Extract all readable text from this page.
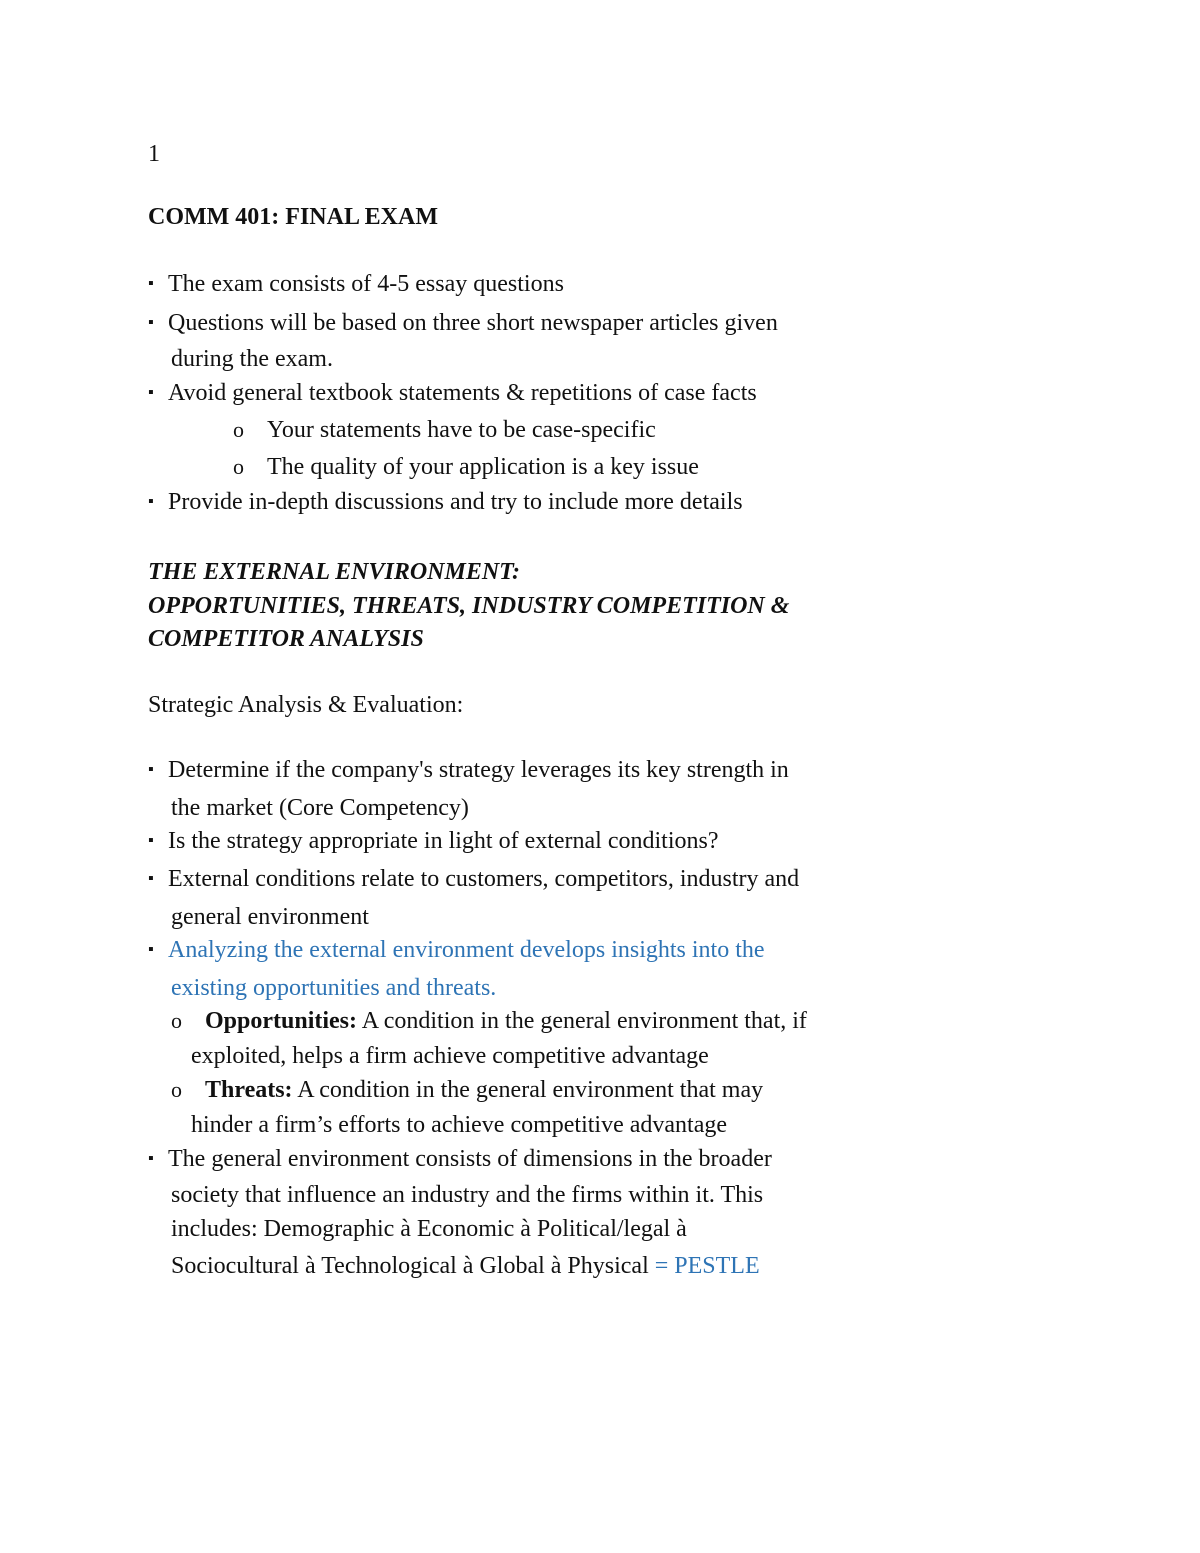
1
COMM 401: FINAL EXAM
▪ The exam consists of 4-5 essay questions
▪ Questions will be based on three short newspaper articles given
during the exam.
▪ Avoid general textbook statements & repetitions of case facts
o Your statements have to be case-specific
o The quality of your application is a key issue
▪ Provide in-depth discussions and try to include more details
THE EXTERNAL ENVIRONMENT:
OPPORTUNITIES, THREATS, INDUSTRY COMPETITION &
COMPETITOR ANALYSIS
Strategic Analysis & Evaluation:
▪ Determine if the company's strategy leverages its key strength in
the market (Core Competency)
▪ Is the strategy appropriate in light of external conditions?
▪ External conditions relate to customers, competitors, industry and
general environment
▪ Analyzing the external environment develops insights into the
existing opportunities and threats.
o Opportunities: A condition in the general environment that, if
exploited, helps a firm achieve competitive advantage
o Threats: A condition in the general environment that may
hinder a firm’s efforts to achieve competitive advantage
▪ The general environment consists of dimensions in the broader
society that influence an industry and the firms within it. This
includes: Demographic à Economic à Political/legal à
Sociocultural à Technological à Global à Physical = PESTLE
